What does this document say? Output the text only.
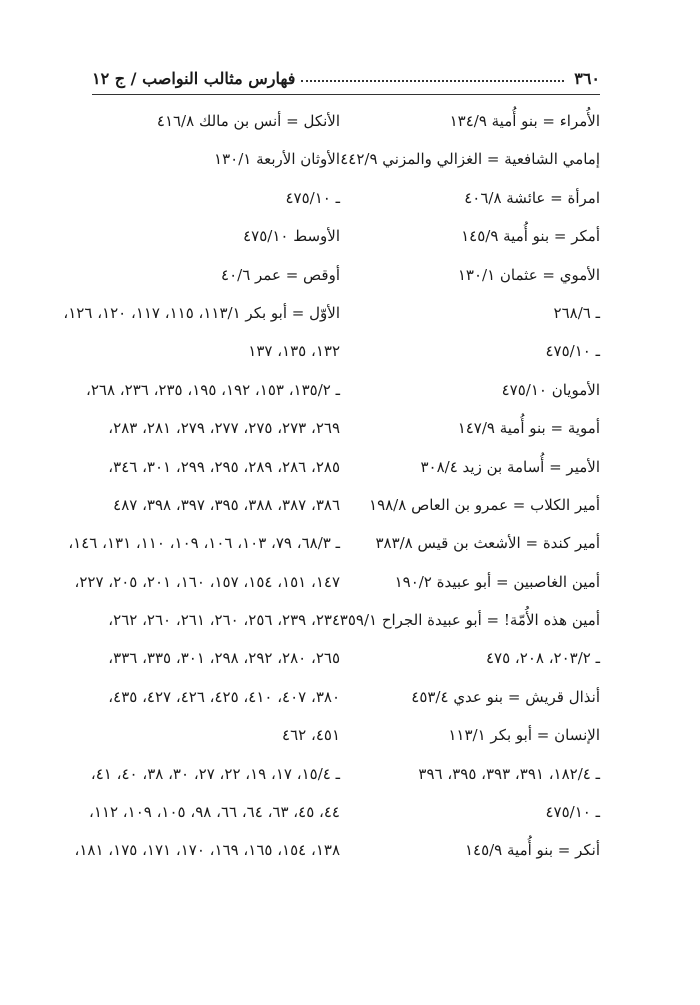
٣٦٠
فهارس مثالب النواصب / ج ١٢
الأُمراء = بنو أُمية ١٣٤/٩
إمامي الشافعية = الغزالي والمزني ٤٤٢/٩
امرأة = عائشة ٤٠٦/٨
أمكر = بنو أُمية ١٤٥/٩
الأموي = عثمان ١٣٠/١
ـ ٢٦٨/٦
ـ ٤٧٥/١٠
الأمويان ٤٧٥/١٠
أموية = بنو أُمية ١٤٧/٩
الأمير = أُسامة بن زيد ٣٠٨/٤
أمير الكلاب = عمرو بن العاص ١٩٨/٨
أمير كندة = الأشعث بن قيس ٣٨٣/٨
أمين الغاصبين = أبو عبيدة ١٩٠/٢
أمين هذه الأُمّة! = أبو عبيدة الجراح ٣٥٩/١
ـ ٢٠٣/٢، ٢٠٨، ٤٧٥
أنذال قريش = بنو عدي ٤٥٣/٤
الإنسان = أبو بكر ١١٣/١
ـ ١٨٢/٤، ٣٩١، ٣٩٣، ٣٩٥، ٣٩٦
ـ ٤٧٥/١٠
أنكر = بنو أُمية ١٤٥/٩
الأنكل = أنس بن مالك ٤١٦/٨
الأوثان الأربعة ١٣٠/١
ـ ٤٧٥/١٠
الأوسط ٤٧٥/١٠
أوقص = عمر ٤٠/٦
الأوّل = أبو بكر ١١٣/١، ١١٥، ١١٧، ١٢٠، ١٢٦،
١٣٢، ١٣٥، ١٣٧
ـ ١٣٥/٢، ١٥٣، ١٩٢، ١٩٥، ٢٣٥، ٢٣٦، ٢٦٨،
٢٦٩، ٢٧٣، ٢٧٥، ٢٧٧، ٢٧٩، ٢٨١، ٢٨٣،
٢٨٥، ٢٨٦، ٢٨٩، ٢٩٥، ٢٩٩، ٣٠١، ٣٤٦،
٣٨٦، ٣٨٧، ٣٨٨، ٣٩٥، ٣٩٧، ٣٩٨، ٤٨٧
ـ ٦٨/٣، ٧٩، ١٠٣، ١٠٦، ١٠٩، ١١٠، ١٣١، ١٤٦،
١٤٧، ١٥١، ١٥٤، ١٥٧، ١٦٠، ٢٠١، ٢٠٥، ٢٢٧،
٢٣٤، ٢٣٩، ٢٥٦، ٢٦٠، ٢٦١، ٢٦٠، ٢٦٢،
٢٦٥، ٢٨٠، ٢٩٢، ٢٩٨، ٣٠١، ٣٣٥، ٣٣٦،
٣٨٠، ٤٠٧، ٤١٠، ٤٢٥، ٤٢٦، ٤٢٧، ٤٣٥،
٤٥١، ٤٦٢
ـ ١٥/٤، ١٧، ١٩، ٢٢، ٢٧، ٣٠، ٣٨، ٤٠، ٤١،
٤٤، ٤٥، ٦٣، ٦٤، ٦٦، ٩٨، ١٠٥، ١٠٩، ١١٢،
١٣٨، ١٥٤، ١٦٥، ١٦٩، ١٧٠، ١٧١، ١٧٥، ١٨١،
